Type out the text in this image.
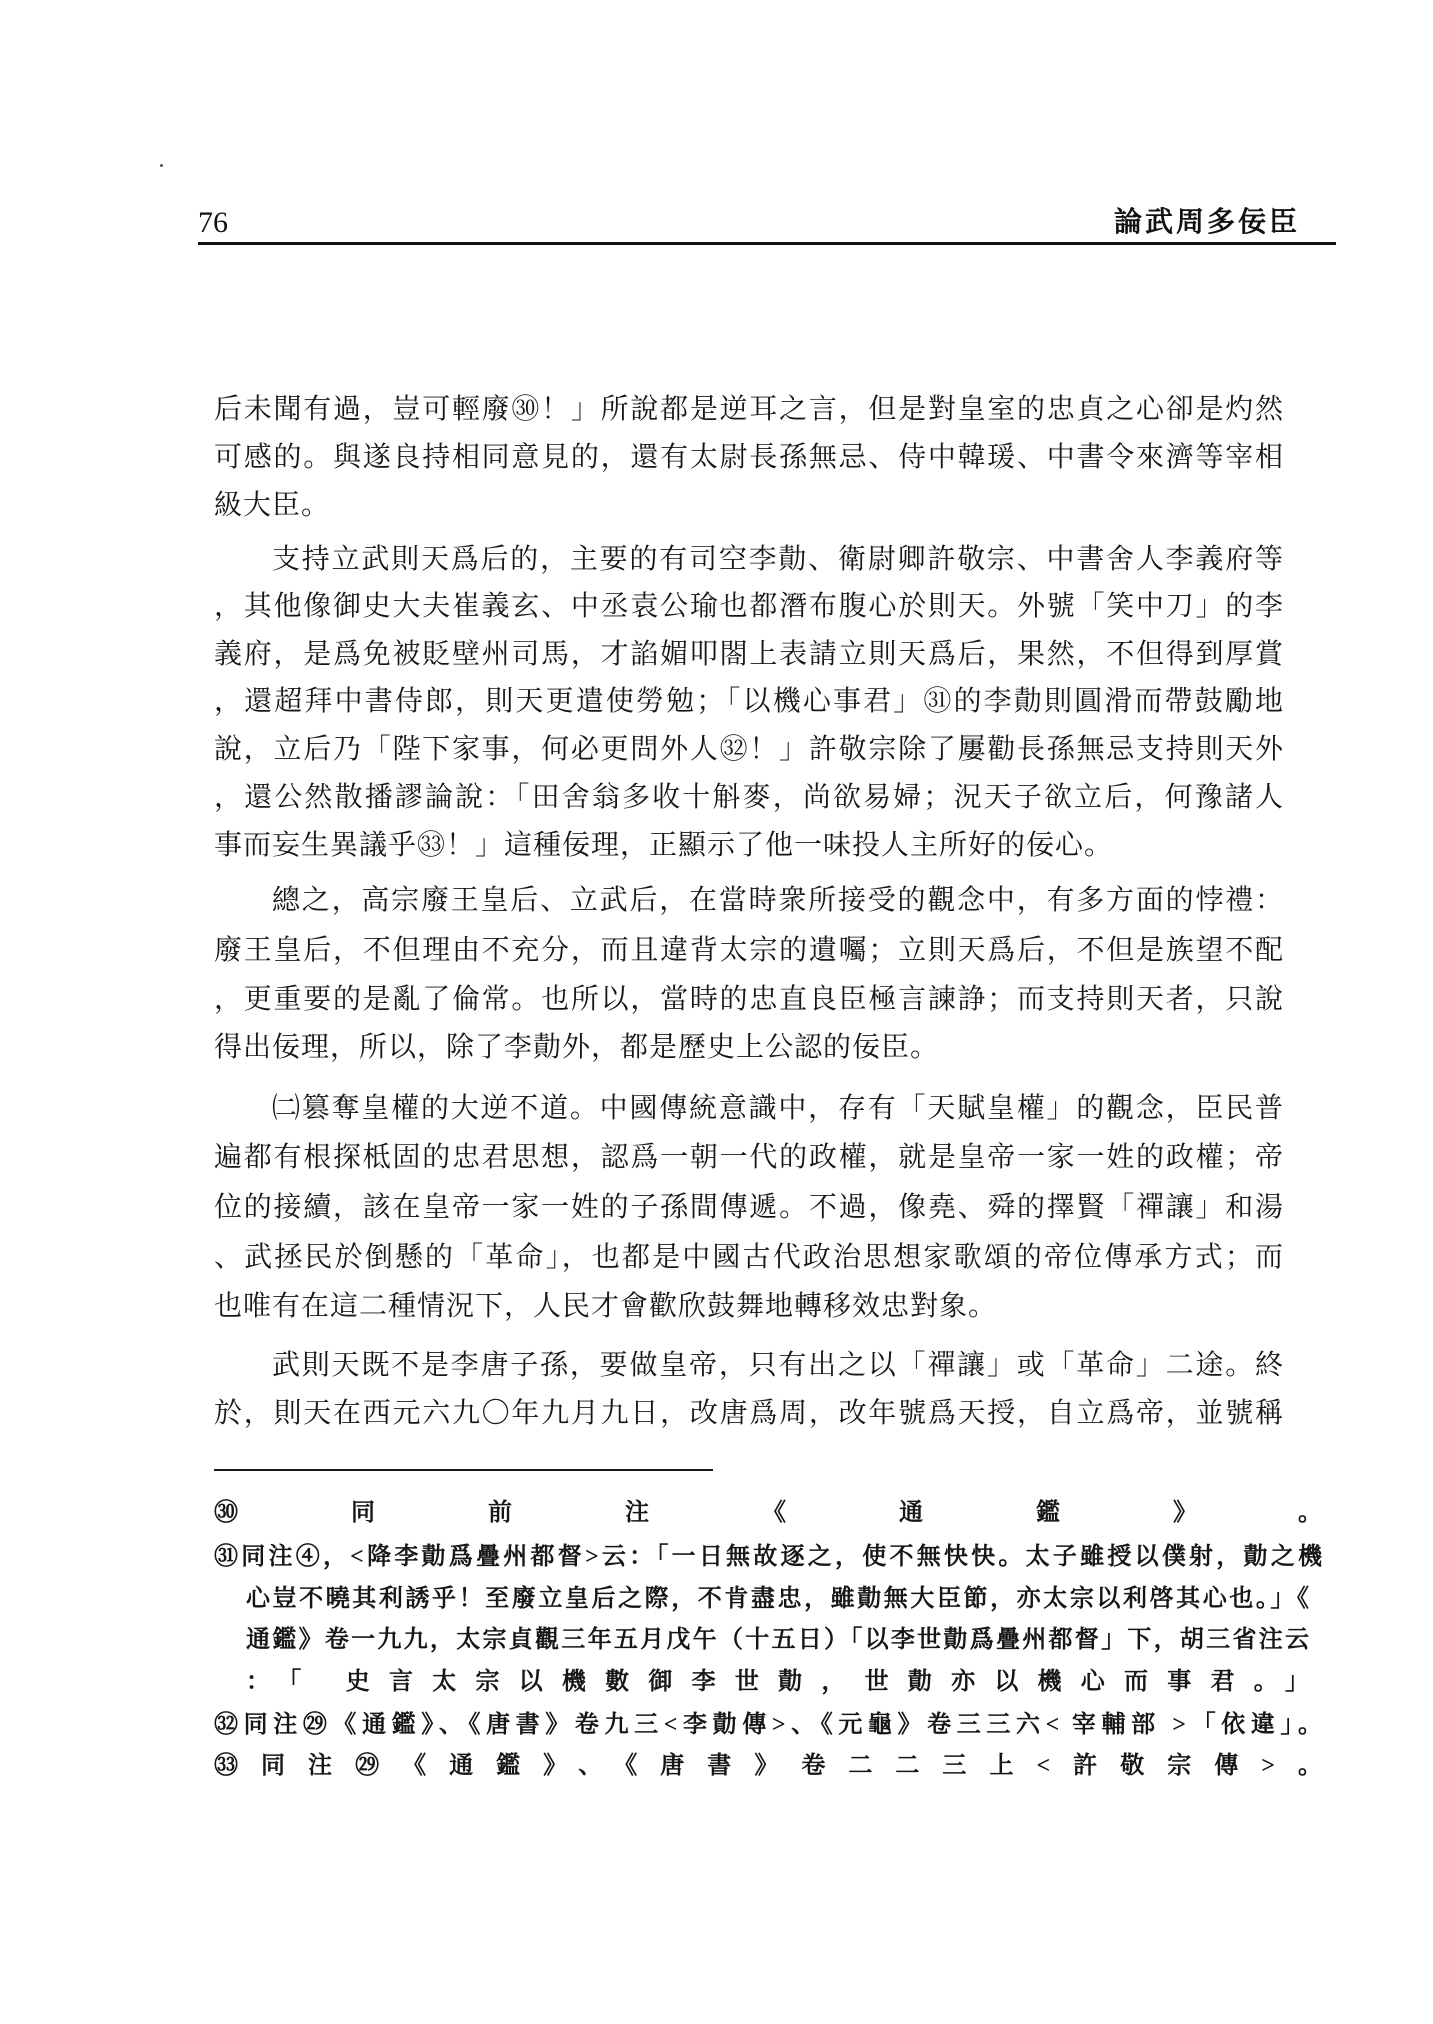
76	論武周多佞臣
后未聞有過，豈可輕廢㉚！」所說都是逆耳之言，但是對皇室的忠貞之心卻是灼然
可感的。與遂良持相同意見的，還有太尉長孫無忌、侍中韓瑗、中書令來濟等宰相
級大臣。
支持立武則天爲后的，主要的有司空李勣、衛尉卿許敬宗、中書舍人李義府等
，其他像御史大夫崔義玄、中丞袁公瑜也都潛布腹心於則天。外號「笑中刀」的李
義府，是爲免被貶壁州司馬，才諂媚叩閤上表請立則天爲后，果然，不但得到厚賞
，還超拜中書侍郎，則天更遣使勞勉；「以機心事君」㉛的李勣則圓滑而帶鼓勵地
說，立后乃「陛下家事，何必更問外人㉜！」許敬宗除了屢勸長孫無忌支持則天外
，還公然散播謬論說：「田舍翁多收十斛麥，尚欲易婦；況天子欲立后，何豫諸人
事而妄生異議乎㉝！」這種佞理，正顯示了他一味投人主所好的佞心。
總之，高宗廢王皇后、立武后，在當時衆所接受的觀念中，有多方面的悖禮：
廢王皇后，不但理由不充分，而且違背太宗的遺囑；立則天爲后，不但是族望不配
，更重要的是亂了倫常。也所以，當時的忠直良臣極言諫諍；而支持則天者，只說
得出佞理，所以，除了李勣外，都是歷史上公認的佞臣。
㈡篡奪皇權的大逆不道。中國傳統意識中，存有「天賦皇權」的觀念，臣民普
遍都有根探柢固的忠君思想，認爲一朝一代的政權，就是皇帝一家一姓的政權；帝
位的接續，該在皇帝一家一姓的子孫間傳遞。不過，像堯、舜的擇賢「禪讓」和湯
、武拯民於倒懸的「革命」，也都是中國古代政治思想家歌頌的帝位傳承方式；而
也唯有在這二種情況下，人民才會歡欣鼓舞地轉移效忠對象。
武則天既不是李唐子孫，要做皇帝，只有出之以「禪讓」或「革命」二途。終
於，則天在西元六九〇年九月九日，改唐爲周，改年號爲天授，自立爲帝，並號稱
㉚同前注《通鑑》。
㉛同注④，<降李勣爲疊州都督>云：「一日無故逐之，使不無快快。太子雖授以僕射，勣之機
心豈不曉其利誘乎！至廢立皇后之際，不肯盡忠，雖勣無大臣節，亦太宗以利啓其心也。」《
通鑑》卷一九九，太宗貞觀三年五月戊午（十五日）「以李世勣爲疊州都督」下，胡三省注云
：「 史言太宗以機數御李世勣，世勣亦以機心而事君。」
㉜同注㉙《通鑑》、《唐書》卷九三<李勣傳>、《元龜》卷三三六< 宰輔部 >「依違」。
㉝同注㉙《通鑑》、《唐書》卷二二三上<許敬宗傳>。
